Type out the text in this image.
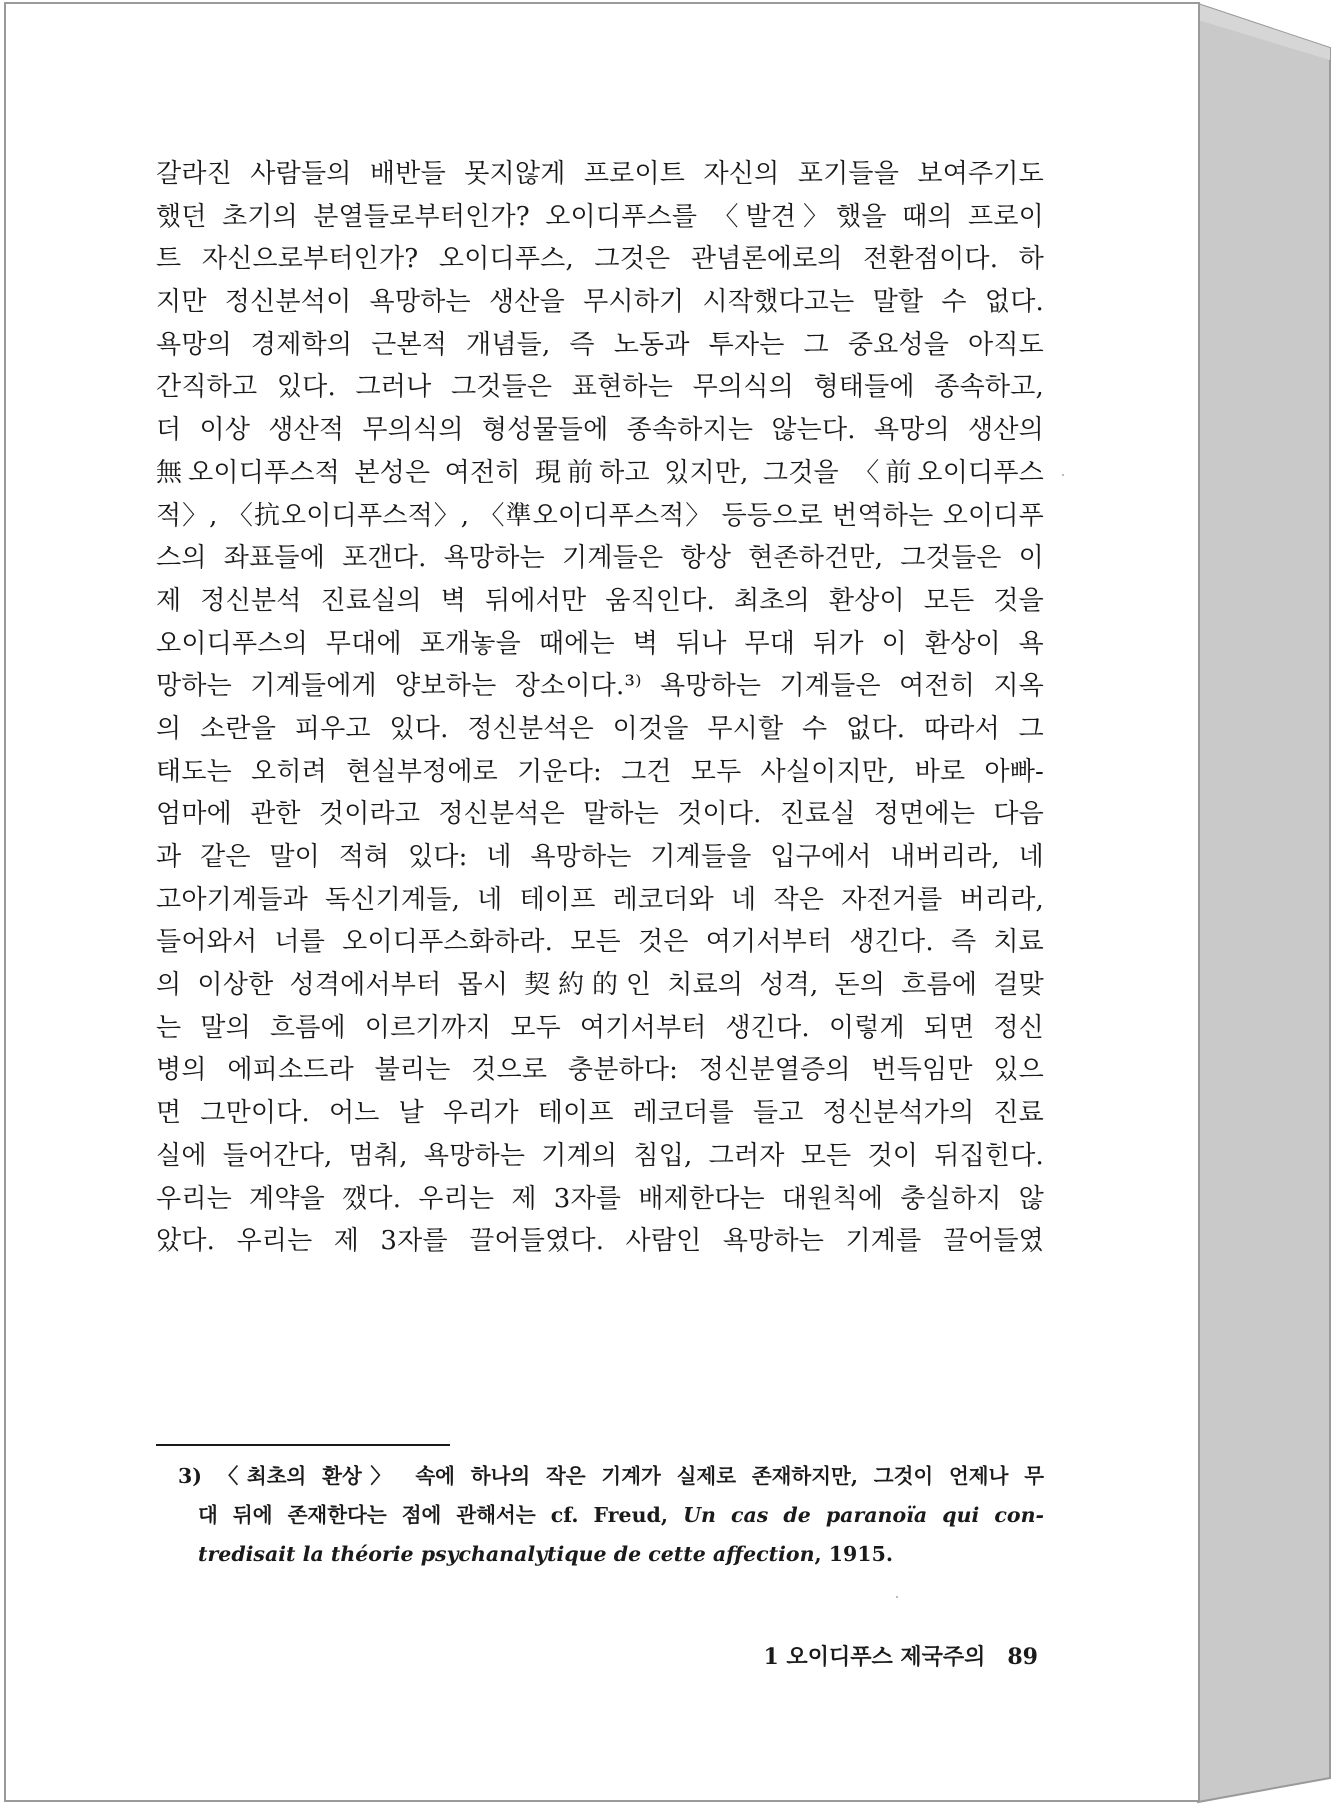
갈라진 사람들의 배반들 못지않게 프로이트 자신의 포기들을 보여주기도
했던 초기의 분열들로부터인가? 오이디푸스를 〈발견〉했을 때의 프로이
트 자신으로부터인가? 오이디푸스, 그것은 관념론에로의 전환점이다. 하
지만 정신분석이 욕망하는 생산을 무시하기 시작했다고는 말할 수 없다.
욕망의 경제학의 근본적 개념들, 즉 노동과 투자는 그 중요성을 아직도
간직하고 있다. 그러나 그것들은 표현하는 무의식의 형태들에 종속하고,
더 이상 생산적 무의식의 형성물들에 종속하지는 않는다. 욕망의 생산의
無오이디푸스적 본성은 여전히 現前하고 있지만, 그것을 〈前오이디푸스
적〉, 〈抗오이디푸스적〉, 〈準오이디푸스적〉 등등으로 번역하는 오이디푸
스의 좌표들에 포갠다. 욕망하는 기계들은 항상 현존하건만, 그것들은 이
제 정신분석 진료실의 벽 뒤에서만 움직인다. 최초의 환상이 모든 것을
오이디푸스의 무대에 포개놓을 때에는 벽 뒤나 무대 뒤가 이 환상이 욕
망하는 기계들에게 양보하는 장소이다.³⁾ 욕망하는 기계들은 여전히 지옥
의 소란을 피우고 있다. 정신분석은 이것을 무시할 수 없다. 따라서 그
태도는 오히려 현실부정에로 기운다: 그건 모두 사실이지만, 바로 아빠-
엄마에 관한 것이라고 정신분석은 말하는 것이다. 진료실 정면에는 다음
과 같은 말이 적혀 있다: 네 욕망하는 기계들을 입구에서 내버리라, 네
고아기계들과 독신기계들, 네 테이프 레코더와 네 작은 자전거를 버리라,
들어와서 너를 오이디푸스화하라. 모든 것은 여기서부터 생긴다. 즉 치료
의 이상한 성격에서부터 몹시 契約的인 치료의 성격, 돈의 흐름에 걸맞
는 말의 흐름에 이르기까지 모두 여기서부터 생긴다. 이렇게 되면 정신
병의 에피소드라 불리는 것으로 충분하다: 정신분열증의 번득임만 있으
면 그만이다. 어느 날 우리가 테이프 레코더를 들고 정신분석가의 진료
실에 들어간다, 멈춰, 욕망하는 기계의 침입, 그러자 모든 것이 뒤집힌다.
우리는 계약을 깼다. 우리는 제 3자를 배제한다는 대원칙에 충실하지 않
았다. 우리는 제 3자를 끌어들였다. 사람인 욕망하는 기계를 끌어들였
3) 〈최초의 환상〉 속에 하나의 작은 기계가 실제로 존재하지만, 그것이 언제나 무
대 뒤에 존재한다는 점에 관해서는 cf. Freud, Un cas de paranoïa qui con-
tredisait la théorie psychanalytique de cette affection, 1915.
1 오이디푸스 제국주의 89
